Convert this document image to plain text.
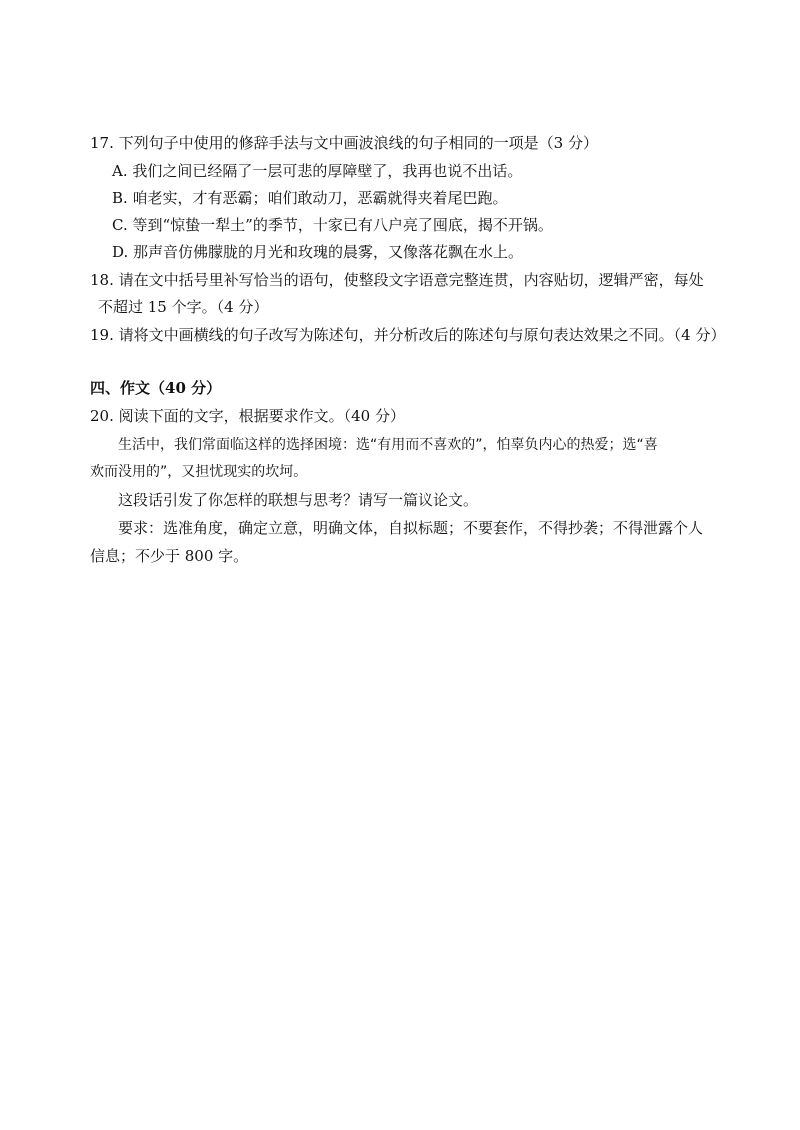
17. 下列句子中使用的修辞手法与文中画波浪线的句子相同的一项是（3 分）
A. 我们之间已经隔了一层可悲的厚障壁了，我再也说不出话。
B. 咱老实，才有恶霸；咱们敢动刀，恶霸就得夹着尾巴跑。
C. 等到“惊蛰一犁土”的季节，十家已有八户亮了囤底，揭不开锅。
D. 那声音仿佛朦胧的月光和玫瑰的晨雾，又像落花飘在水上。
18. 请在文中括号里补写恰当的语句，使整段文字语意完整连贯，内容贴切，逻辑严密，每处
不超过 15 个字。（4 分）
19. 请将文中画横线的句子改写为陈述句，并分析改后的陈述句与原句表达效果之不同。（4 分）
四、作文（40 分）
20. 阅读下面的文字，根据要求作文。（40 分）
生活中，我们常面临这样的选择困境：选“有用而不喜欢的”，怕辜负内心的热爱；选“喜
欢而没用的”，又担忧现实的坎坷。
这段话引发了你怎样的联想与思考？请写一篇议论文。
要求：选准角度，确定立意，明确文体，自拟标题；不要套作，不得抄袭；不得泄露个人
信息；不少于 800 字。
